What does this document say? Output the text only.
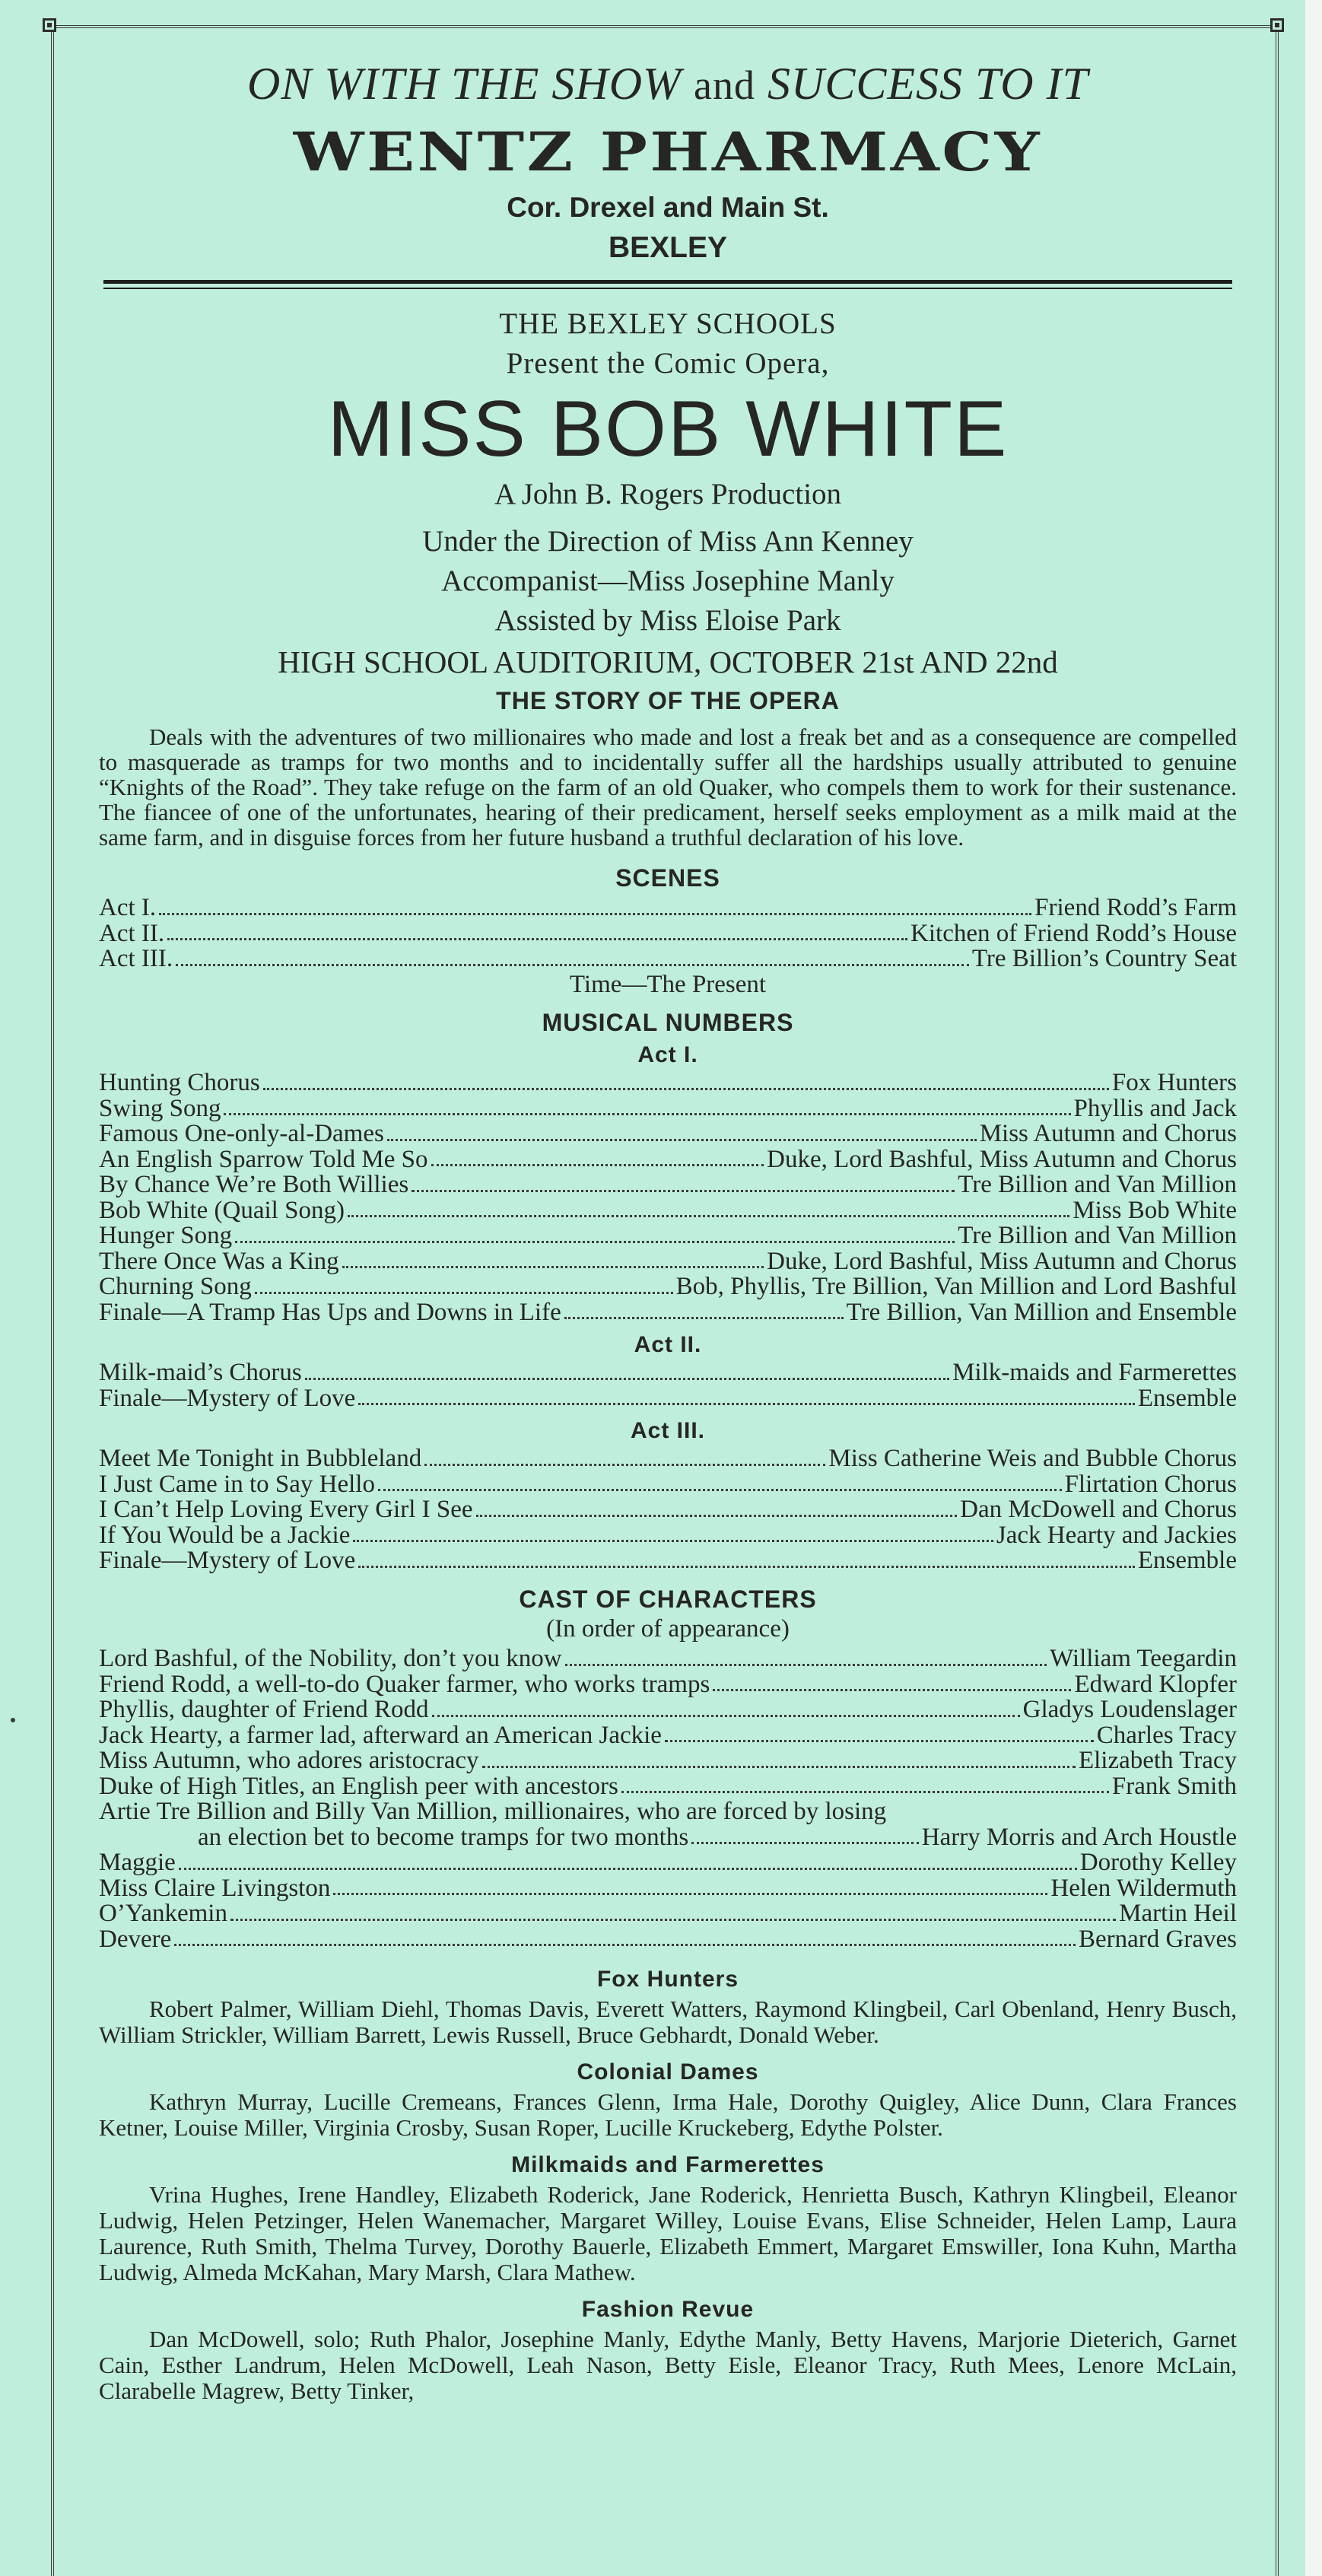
ON WITH THE SHOW and SUCCESS TO IT
WENTZ PHARMACY
Cor. Drexel and Main St.
BEXLEY
THE BEXLEY SCHOOLS
Present the Comic Opera,
MISS BOB WHITE
A John B. Rogers Production
Under the Direction of Miss Ann Kenney
Accompanist—Miss Josephine Manly
Assisted by Miss Eloise Park
HIGH SCHOOL AUDITORIUM, OCTOBER 21st AND 22nd
THE STORY OF THE OPERA
Deals with the adventures of two millionaires who made and lost a freak bet and as a consequence are compelled to masquerade as tramps for two months and to incidentally suffer all the hardships usually attributed to genuine “Knights of the Road”. They take refuge on the farm of an old Quaker, who compels them to work for their sustenance. The fiancee of one of the unfortunates, hearing of their predicament, herself seeks employment as a milk maid at the same farm, and in disguise forces from her future husband a truthful declaration of his love.
SCENES
Act I.	Friend Rodd’s Farm
Act II.	Kitchen of Friend Rodd’s House
Act III.	Tre Billion’s Country Seat
Time—The Present
MUSICAL NUMBERS
Act I.
Hunting Chorus	Fox Hunters
Swing Song	Phyllis and Jack
Famous One-only-al-Dames	Miss Autumn and Chorus
An English Sparrow Told Me So	Duke, Lord Bashful, Miss Autumn and Chorus
By Chance We’re Both Willies	Tre Billion and Van Million
Bob White (Quail Song)	Miss Bob White
Hunger Song	Tre Billion and Van Million
There Once Was a King	Duke, Lord Bashful, Miss Autumn and Chorus
Churning Song	Bob, Phyllis, Tre Billion, Van Million and Lord Bashful
Finale—A Tramp Has Ups and Downs in Life	Tre Billion, Van Million and Ensemble
Act II.
Milk-maid’s Chorus	Milk-maids and Farmerettes
Finale—Mystery of Love	Ensemble
Act III.
Meet Me Tonight in Bubbleland	Miss Catherine Weis and Bubble Chorus
I Just Came in to Say Hello	Flirtation Chorus
I Can’t Help Loving Every Girl I See	Dan McDowell and Chorus
If You Would be a Jackie	Jack Hearty and Jackies
Finale—Mystery of Love	Ensemble
CAST OF CHARACTERS
(In order of appearance)
Lord Bashful, of the Nobility, don’t you know	William Teegardin
Friend Rodd, a well-to-do Quaker farmer, who works tramps	Edward Klopfer
Phyllis, daughter of Friend Rodd	Gladys Loudenslager
Jack Hearty, a farmer lad, afterward an American Jackie	Charles Tracy
Miss Autumn, who adores aristocracy	Elizabeth Tracy
Duke of High Titles, an English peer with ancestors	Frank Smith
Artie Tre Billion and Billy Van Million, millionaires, who are forced by losing
an election bet to become tramps for two months	Harry Morris and Arch Houstle
Maggie	Dorothy Kelley
Miss Claire Livingston	Helen Wildermuth
O’Yankemin	Martin Heil
Devere	Bernard Graves
Fox Hunters
Robert Palmer, William Diehl, Thomas Davis, Everett Watters, Raymond Klingbeil, Carl Obenland, Henry Busch, William Strickler, William Barrett, Lewis Russell, Bruce Gebhardt, Donald Weber.
Colonial Dames
Kathryn Murray, Lucille Cremeans, Frances Glenn, Irma Hale, Dorothy Quigley, Alice Dunn, Clara Frances Ketner, Louise Miller, Virginia Crosby, Susan Roper, Lucille Kruckeberg, Edythe Polster.
Milkmaids and Farmerettes
Vrina Hughes, Irene Handley, Elizabeth Roderick, Jane Roderick, Henrietta Busch, Kathryn Klingbeil, Eleanor Ludwig, Helen Petzinger, Helen Wanemacher, Margaret Willey, Louise Evans, Elise Schneider, Helen Lamp, Laura Laurence, Ruth Smith, Thelma Turvey, Dorothy Bauerle, Elizabeth Emmert, Margaret Emswiller, Iona Kuhn, Martha Ludwig, Almeda McKahan, Mary Marsh, Clara Mathew.
Fashion Revue
Dan McDowell, solo; Ruth Phalor, Josephine Manly, Edythe Manly, Betty Havens, Marjorie Dieterich, Garnet Cain, Esther Landrum, Helen McDowell, Leah Nason, Betty Eisle, Eleanor Tracy, Ruth Mees, Lenore McLain, Clarabelle Magrew, Betty Tinker,
